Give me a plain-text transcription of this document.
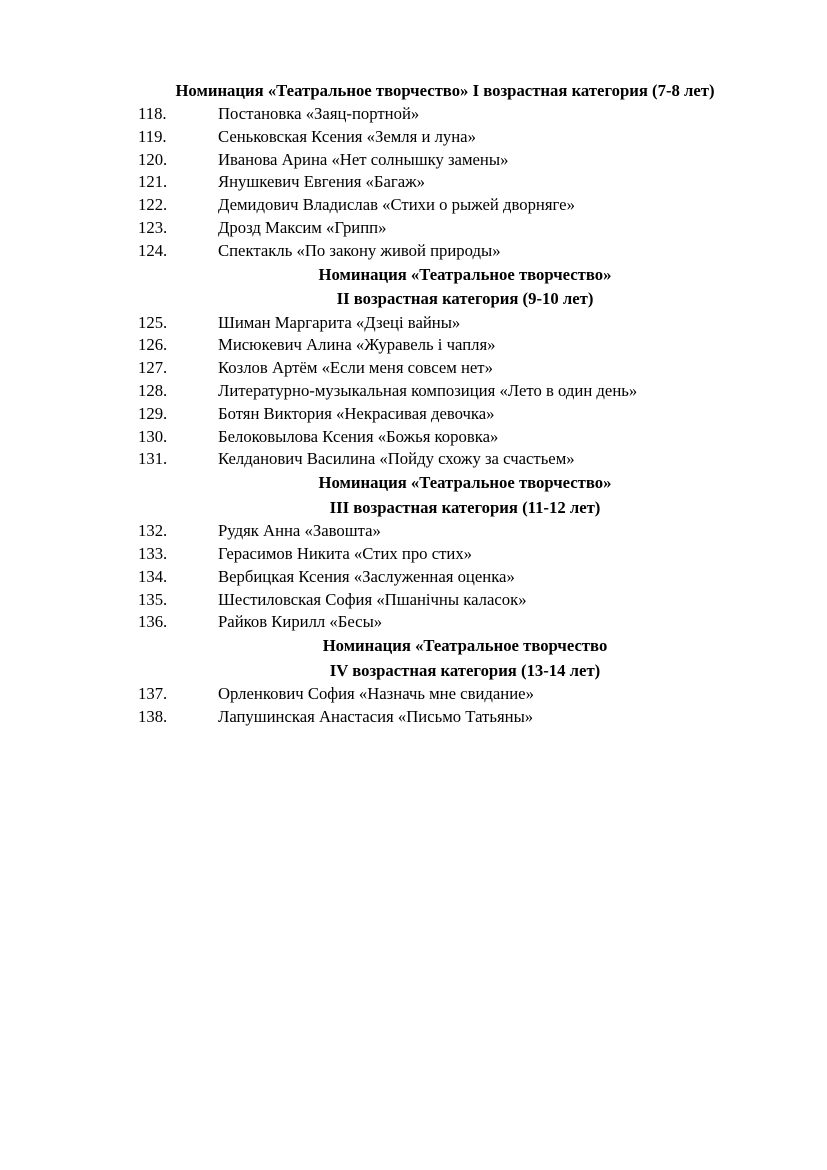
Номинация «Театральное творчество» I возрастная категория (7-8 лет)
118.	Постановка «Заяц-портной»
119.	Сеньковская Ксения «Земля и луна»
120.	Иванова Арина «Нет солнышку замены»
121.	Янушкевич Евгения «Багаж»
122.	Демидович Владислав «Стихи о рыжей дворняге»
123.	Дрозд Максим «Грипп»
124.	Спектакль «По закону живой природы»
Номинация «Театральное творчество»
II возрастная категория (9-10 лет)
125.	Шиман Маргарита «Дзеці вайны»
126.	Мисюкевич Алина «Журавель і чапля»
127.	Козлов Артём «Если меня совсем нет»
128.	Литературно-музыкальная композиция «Лето в один день»
129.	Ботян Виктория «Некрасивая девочка»
130.	Белоковылова Ксения «Божья коровка»
131.	Келданович Василина «Пойду схожу за счастьем»
Номинация «Театральное творчество»
III возрастная категория (11-12 лет)
132.	Рудяк Анна «Завошта»
133.	Герасимов Никита «Стих про стих»
134.	Вербицкая Ксения «Заслуженная оценка»
135.	Шестиловская София «Пшанічны каласок»
136.	Райков Кирилл «Бесы»
Номинация «Театральное творчество
IV возрастная категория (13-14 лет)
137.	Орленкович София «Назначь мне свидание»
138.	Лапушинская Анастасия «Письмо Татьяны»
